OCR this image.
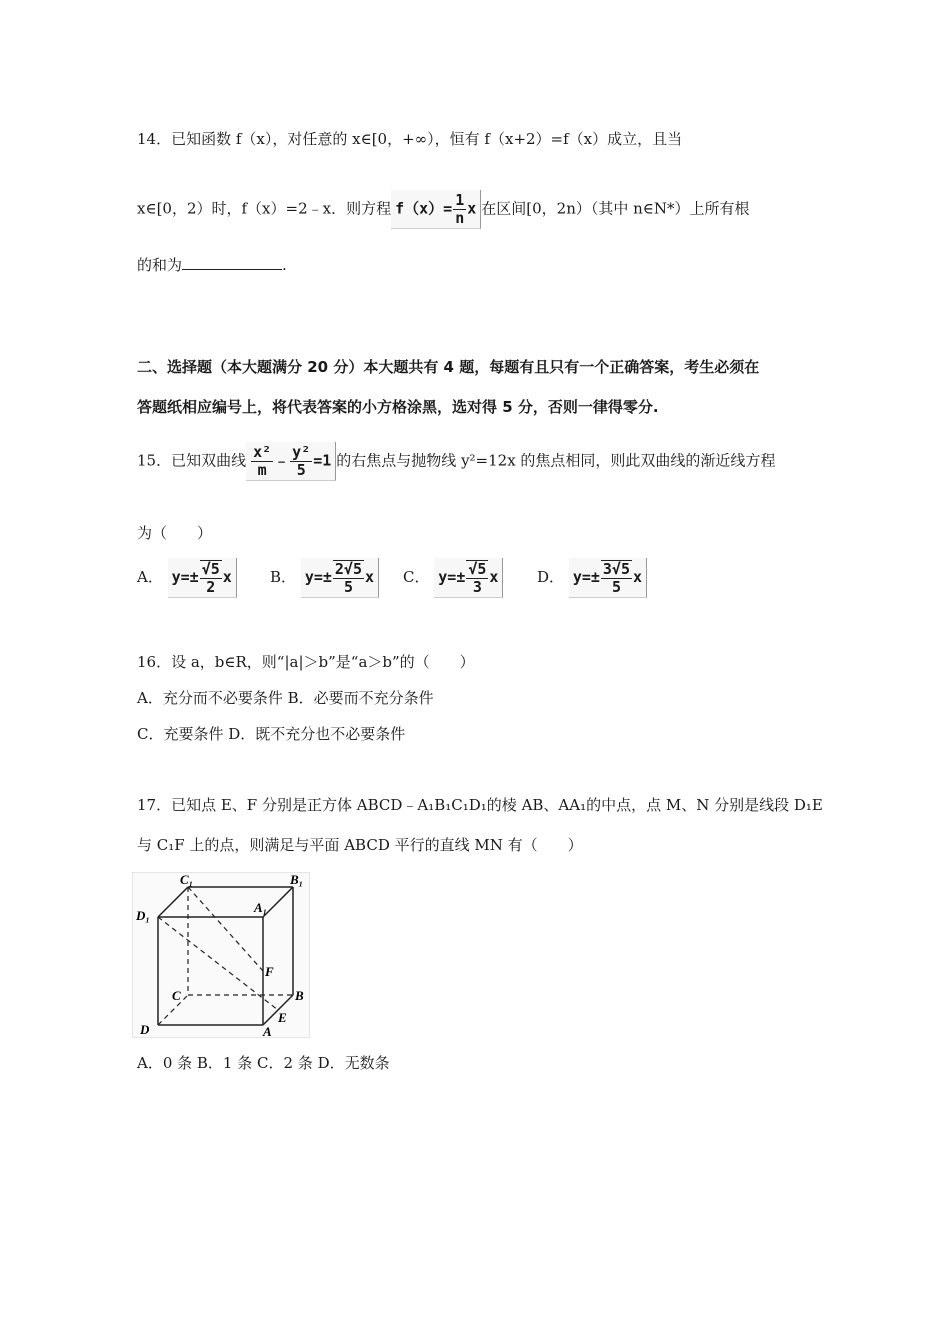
14．已知函数 f（x），对任意的 x∈[0，+∞），恒有 f（x+2）=f（x）成立，且当
x∈[0，2）时，f（x）=2﹣x．则方程 $f(x)= \frac{1}{n}$ x 在区间[0，2n）（其中 n∈N*）上所有根
的和为	.
二、选择题（本大题满分 20 分）本大题共有 4 题，每题有且只有一个正确答案，考生必须在
答题纸相应编号上，将代表答案的小方格涂黑，选对得 5 分，否则一律得零分.
15．已知双曲线 $\frac{\text{x²}}{m}$ ﹣ $\frac{\text{y²}}{5} =1$ 的右焦点与抛物线 y²=12x 的焦点相同，则此双曲线的渐近线方程
为（　　）
A． $y=\pm \frac{√5}{2}$ x	B． $y=\pm \frac{2√5}{5}$ x	C． $y=\pm \frac{√5}{3}$ x	D． $y=\pm \frac{3√5}{5}$ x
16．设 a，b∈R，则“|a|＞b”是“a＞b”的（　　）
A．充分而不必要条件 B．必要而不充分条件
C．充要条件 D．既不充分也不必要条件
17．已知点 E、F 分别是正方体 ABCD﹣A₁B₁C₁D₁的棱 AB、AA₁的中点，点 M、N 分别是线段 D₁E
与 C₁F 上的点，则满足与平面 ABCD 平行的直线 MN 有（　　）
C₁	B₁
D₁
A₁
F
C	B
D	A
E
A．0 条 B．1 条 C．2 条 D．无数条
